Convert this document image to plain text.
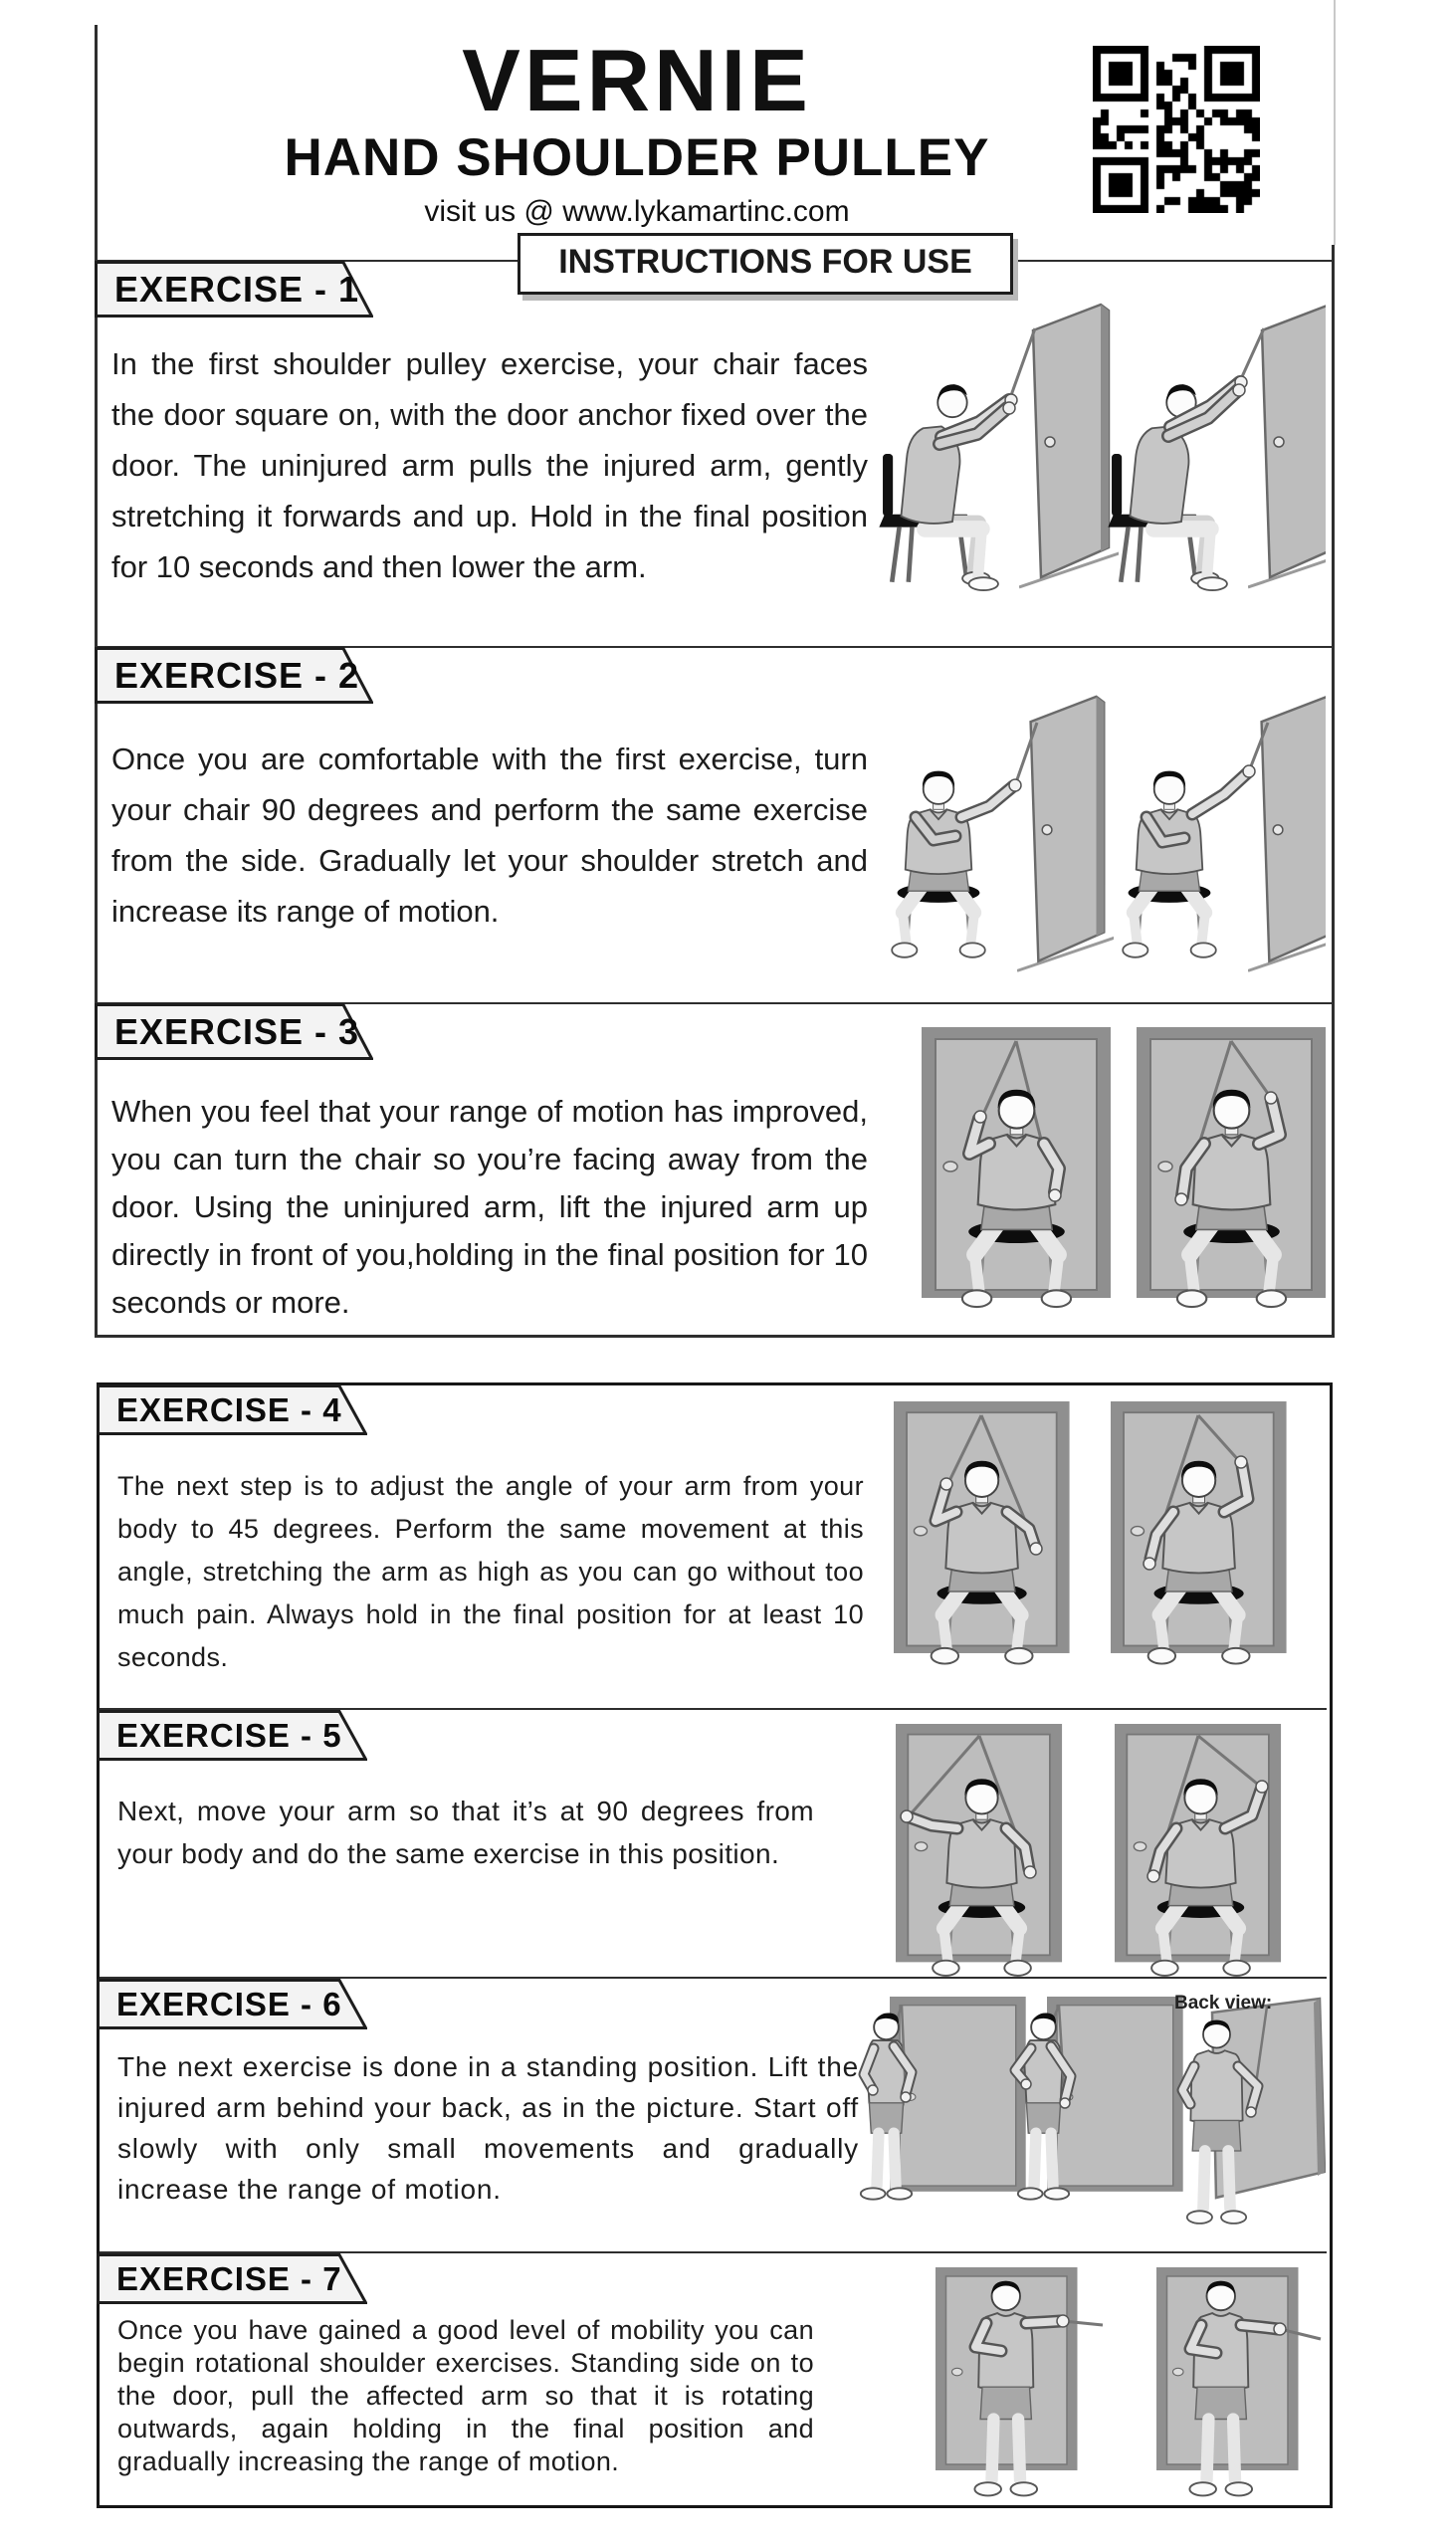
VERNIE
HAND SHOULDER PULLEY
visit us @ www.lykamartinc.com
INSTRUCTIONS FOR USE
EXERCISE - 1
In the first shoulder pulley exercise, your chair faces the door square on, with the door anchor fixed over the door. The uninjured arm pulls the injured arm, gently stretching it forwards and up. Hold in the final position for 10 seconds and then lower the arm.
EXERCISE - 2
Once you are comfortable with the first exercise, turn your chair 90 degrees and perform the same exercise from the side. Gradually let your shoulder stretch and increase its range of motion.
EXERCISE - 3
When you feel that your range of motion has improved, you can turn the chair so you’re facing away from the door. Using the uninjured arm, lift the injured arm up directly in front of you,holding in the final position for 10 seconds or more.
EXERCISE - 4
The next step is to adjust the angle of your arm from your body to 45 degrees. Perform the same movement at this angle, stretching the arm as high as you can go without too much pain. Always hold in the final position for at least 10 seconds.
EXERCISE - 5
Next, move your arm so that it’s at 90 degrees from your body and do the same exercise in this position.
EXERCISE - 6
The next exercise is done in a standing position. Lift the injured arm behind your back, as in the picture. Start off slowly with only small movements and gradually increase the range of motion.
Back view:
EXERCISE - 7
Once you have gained a good level of mobility you can begin rotational shoulder exercises. Standing side on to the door, pull the affected arm so that it is rotating outwards, again holding in the final position and gradually increasing the range of motion.
